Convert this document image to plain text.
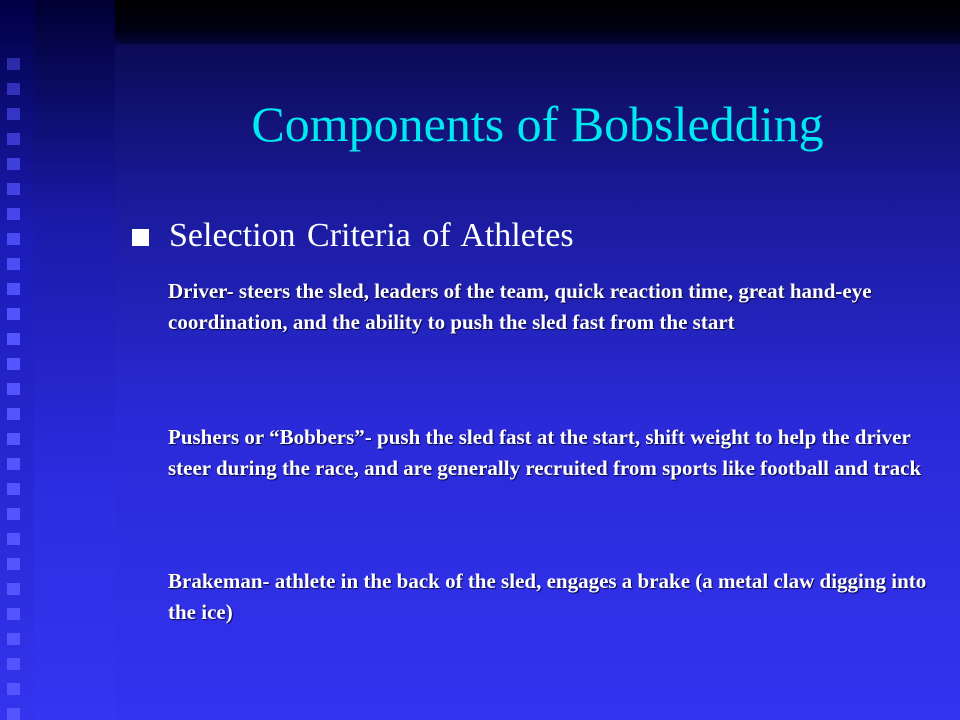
Components of Bobsledding
Selection Criteria of Athletes

Driver- steers the sled, leaders of the team, quick reaction time, great hand-eye coordination, and the ability to push the sled fast from the start

Pushers or “Bobbers”- push the sled fast at the start, shift weight to help the driver steer during the race, and are generally recruited from sports like football and track

Brakeman- athlete in the back of the sled, engages a brake (a metal claw digging into the ice)
